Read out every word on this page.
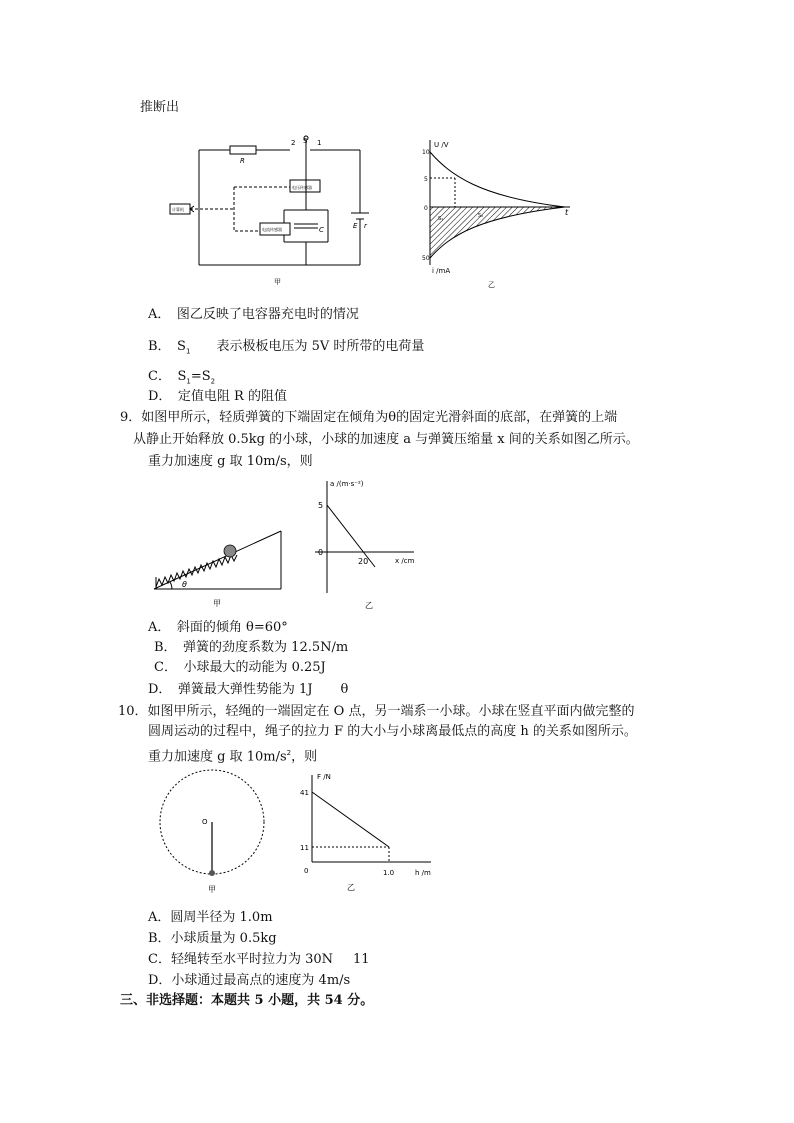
推断出
S
2	1
R
电压传感器
电流传感器
计算机
C	E r
甲
U /V
10
5
0
50
t
i /mA
S₁	S₂
乙
A．　图乙反映了电容器充电时的情况
B．　$S_1$　　表示极板电压为 5V 时所带的电荷量
C．　$S_1=S_2$
D．　定值电阻 R 的阻值
9．如图甲所示，轻质弹簧的下端固定在倾角为θ的固定光滑斜面的底部，在弹簧的上端
从静止开始释放 0.5kg 的小球，小球的加速度 a 与弹簧压缩量 x 间的关系如图乙所示。
重力加速度 g 取 10m/s，则
θ
甲
a /(m·s⁻²)
5
0
20	x /cm
乙
A．　斜面的倾角 θ=60°
B．　弹簧的劲度系数为 12.5N/m
C．　小球最大的动能为 0.25J
D．　弹簧最大弹性势能为 1J θ
10．如图甲所示，轻绳的一端固定在 O 点，另一端系一小球。小球在竖直平面内做完整的
圆周运动的过程中，绳子的拉力 F 的大小与小球离最低点的高度 h 的关系如图所示。
重力加速度 g 取 $10m/s^2$，则
O
甲
F /N
41
11
0	1.0	h /m
乙
A．圆周半径为 1.0m
B．小球质量为 0.5kg
C．轻绳转至水平时拉力为 30N 11
D．小球通过最高点的速度为 4m/s
三、非选择题：本题共 5 小题，共 54 分。
